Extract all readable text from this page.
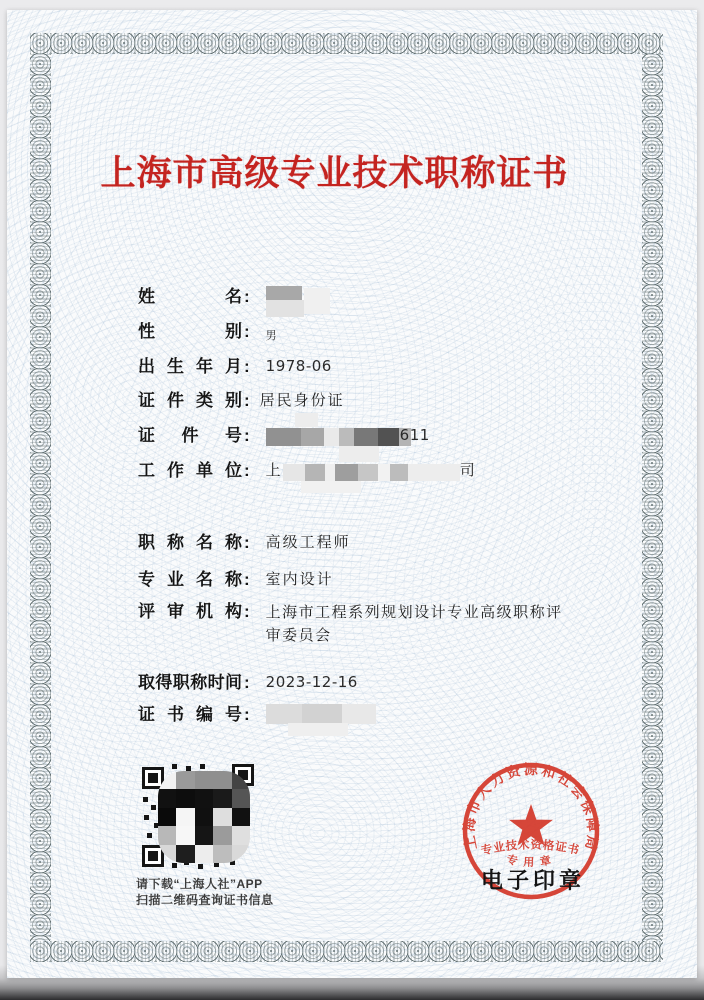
上海市高级专业技术职称证书
姓名 :
性别 : 男
出生年月 : 1978-06
证件类别 : 居民身份证
证件号 :	611
工作单位 : 上	司
职称名称 : 高级工程师
专业名称 : 室内设计
评审机构 : 上海市工程系列规划设计专业高级职称评审委员会
取得职称时间 : 2023-12-16
证书编号 :
请下载“上海人社”APP
扫描二维码查询证书信息
上海市人力资源和社会保障局
专业技术资格证书
专用章
电子印章
